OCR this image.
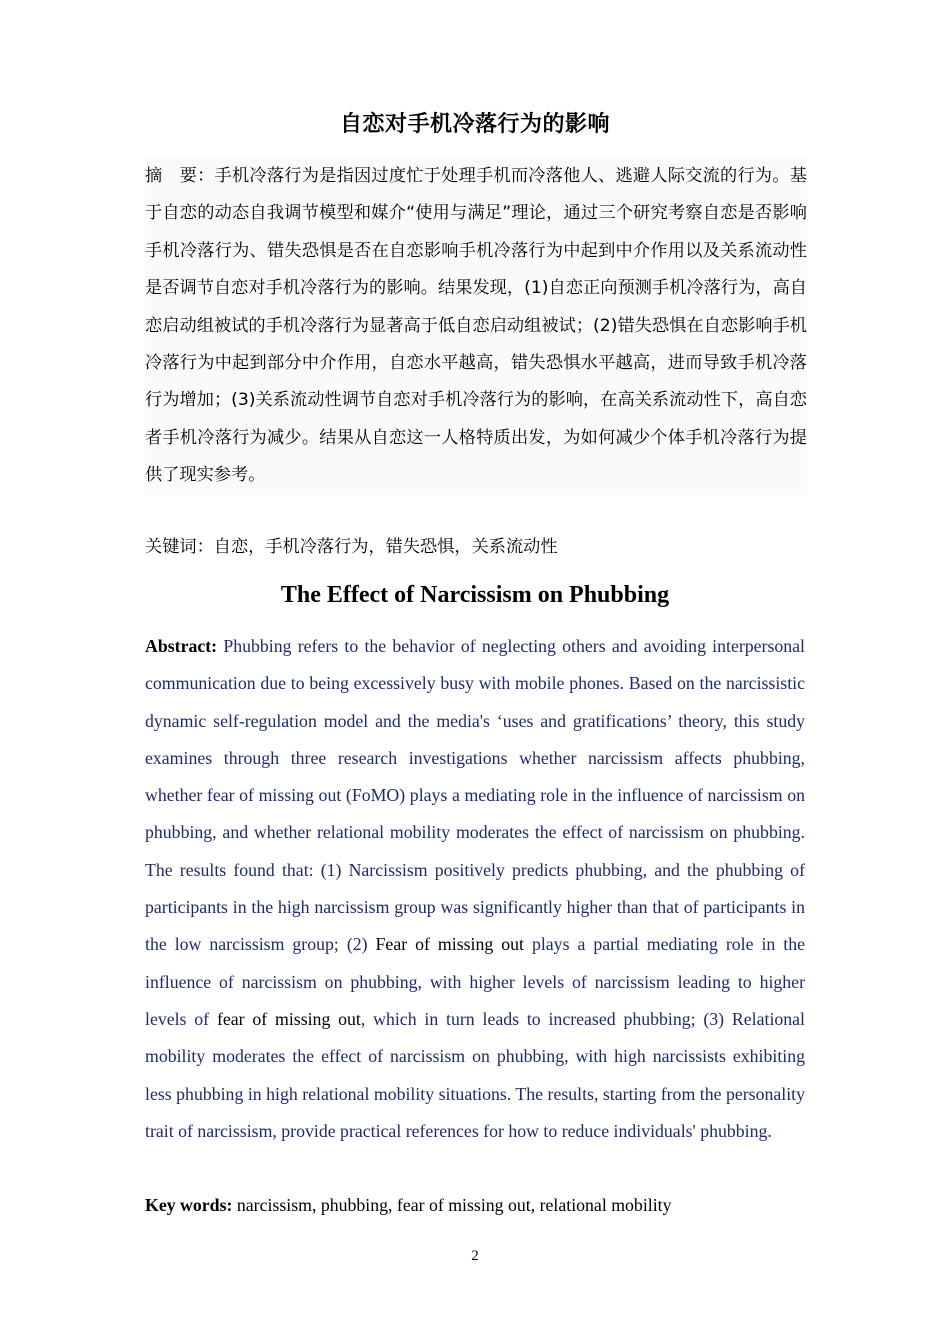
自恋对手机冷落行为的影响

摘 要：手机冷落行为是指因过度忙于处理手机而冷落他人、逃避人际交流的行为。基于自恋的动态自我调节模型和媒介“使用与满足”理论，通过三个研究考察自恋是否影响手机冷落行为、错失恐惧是否在自恋影响手机冷落行为中起到中介作用以及关系流动性是否调节自恋对手机冷落行为的影响。结果发现，(1)自恋正向预测手机冷落行为，高自恋启动组被试的手机冷落行为显著高于低自恋启动组被试；(2)错失恐惧在自恋影响手机冷落行为中起到部分中介作用，自恋水平越高，错失恐惧水平越高，进而导致手机冷落行为增加；(3)关系流动性调节自恋对手机冷落行为的影响，在高关系流动性下，高自恋者手机冷落行为减少。结果从自恋这一人格特质出发，为如何减少个体手机冷落行为提供了现实参考。

关键词：自恋，手机冷落行为，错失恐惧，关系流动性

The Effect of Narcissism on Phubbing

Abstract: Phubbing refers to the behavior of neglecting others and avoiding interpersonal communication due to being excessively busy with mobile phones. Based on the narcissistic dynamic self-regulation model and the media's ‘uses and gratifications’ theory, this study examines through three research investigations whether narcissism affects phubbing, whether fear of missing out (FoMO) plays a mediating role in the influence of narcissism on phubbing, and whether relational mobility moderates the effect of narcissism on phubbing. The results found that: (1) Narcissism positively predicts phubbing, and the phubbing of participants in the high narcissism group was significantly higher than that of participants in the low narcissism group; (2) Fear of missing out plays a partial mediating role in the influence of narcissism on phubbing, with higher levels of narcissism leading to higher levels of fear of missing out, which in turn leads to increased phubbing; (3) Relational mobility moderates the effect of narcissism on phubbing, with high narcissists exhibiting less phubbing in high relational mobility situations. The results, starting from the personality trait of narcissism, provide practical references for how to reduce individuals' phubbing.

Key words: narcissism, phubbing, fear of missing out, relational mobility

2
